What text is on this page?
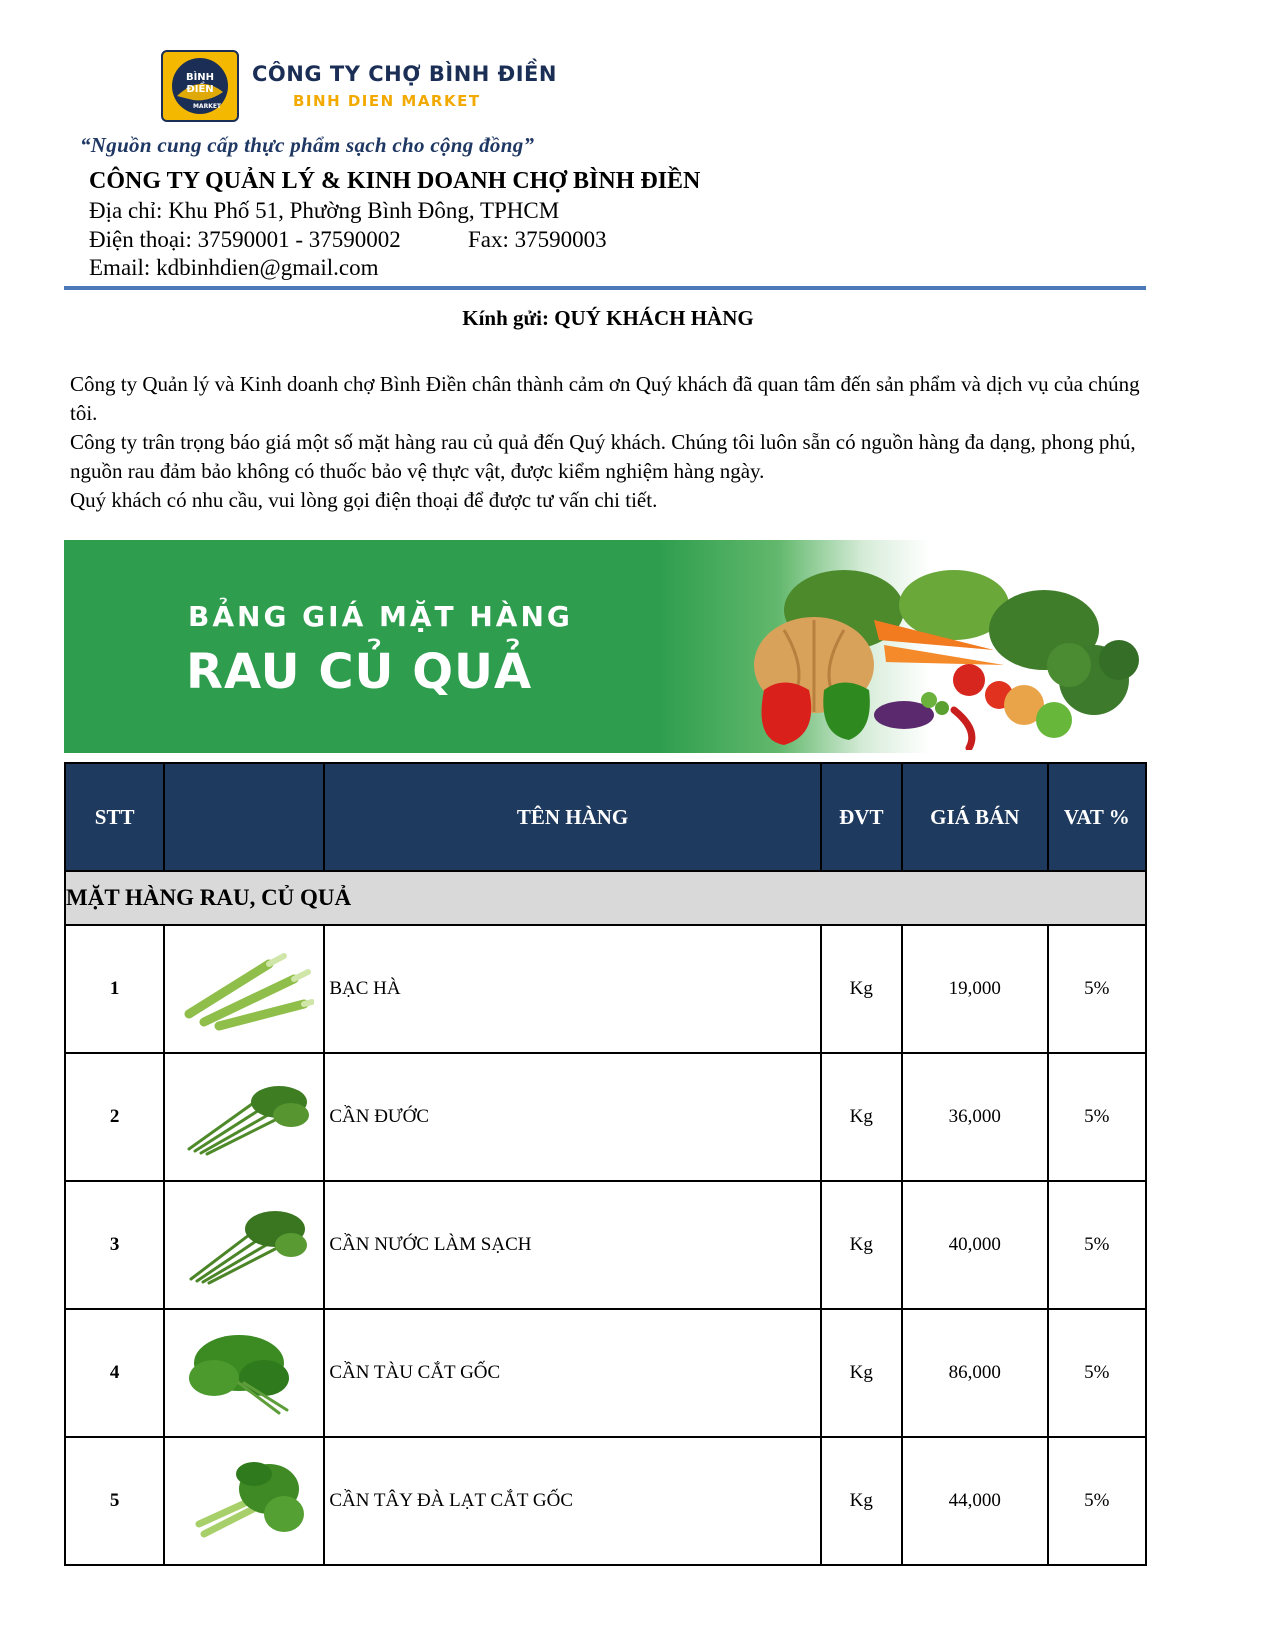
BÌNH
ĐIỀN
MARKET
CÔNG TY CHỢ BÌNH ĐIỀN
BINH DIEN MARKET
“Nguồn cung cấp thực phẩm sạch cho cộng đồng”
CÔNG TY QUẢN LÝ & KINH DOANH CHỢ BÌNH ĐIỀN
Địa chỉ: Khu Phố 51, Phường Bình Đông, TPHCM
Điện thoại: 37590001 - 37590002	Fax: 37590003
Email: kdbinhdien@gmail.com
Kính gửi: QUÝ KHÁCH HÀNG

Công ty Quản lý và Kinh doanh chợ Bình Điền chân thành cảm ơn Quý khách đã quan tâm đến sản phẩm và dịch vụ của chúng tôi.

Công ty trân trọng báo giá một số mặt hàng rau củ quả đến Quý khách. Chúng tôi luôn sẵn có nguồn hàng đa dạng, phong phú, nguồn rau đảm bảo không có thuốc bảo vệ thực vật, được kiểm nghiệm hàng ngày.

Quý khách có nhu cầu, vui lòng gọi điện thoại để được tư vấn chi tiết.

BẢNG GIÁ MẶT HÀNG
RAU CỦ QUẢ
STT		TÊN HÀNG	ĐVT	GIÁ BÁN	VAT %
MẶT HÀNG RAU, CỦ QUẢ					
1		BẠC HÀ	Kg	19,000	5%
2		CẦN ĐƯỚC	Kg	36,000	5%
3		CẦN NƯỚC LÀM SẠCH	Kg	40,000	5%
4		CẦN TÀU CẮT GỐC	Kg	86,000	5%
5		CẦN TÂY ĐÀ LẠT CẮT GỐC	Kg	44,000	5%
